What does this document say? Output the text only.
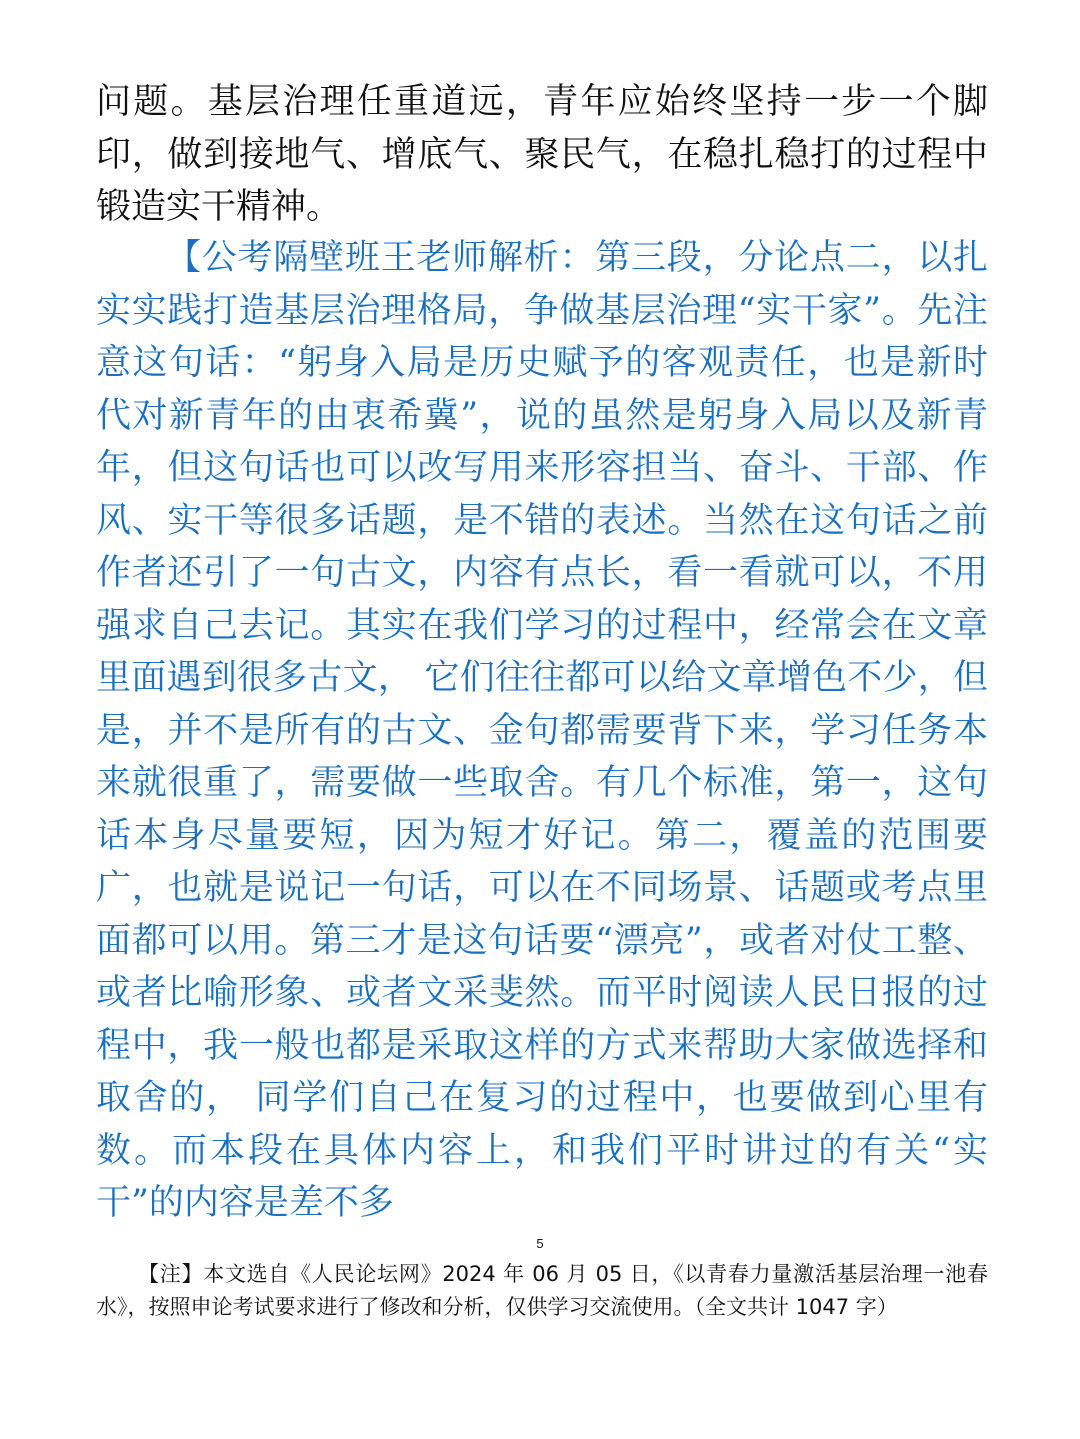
问题。基层治理任重道远，青年应始终坚持一步一个脚印，做到接地气、增底气、聚民气，在稳扎稳打的过程中锻造实干精神。

【公考隔壁班王老师解析：第三段，分论点二，以扎实实践打造基层治理格局，争做基层治理“实干家”。先注意这句话：“躬身入局是历史赋予的客观责任，也是新时代对新青年的由衷希冀”，说的虽然是躬身入局以及新青年，但这句话也可以改写用来形容担当、奋斗、干部、作风、实干等很多话题，是不错的表述。当然在这句话之前作者还引了一句古文，内容有点长，看一看就可以，不用强求自己去记。其实在我们学习的过程中，经常会在文章里面遇到很多古文， 它们往往都可以给文章增色不少，但是，并不是所有的古文、金句都需要背下来，学习任务本来就很重了，需要做一些取舍。有几个标准，第一，这句话本身尽量要短，因为短才好记。第二，覆盖的范围要广，也就是说记一句话，可以在不同场景、话题或考点里面都可以用。第三才是这句话要“漂亮”，或者对仗工整、或者比喻形象、或者文采斐然。而平时阅读人民日报的过程中，我一般也都是采取这样的方式来帮助大家做选择和取舍的， 同学们自己在复习的过程中，也要做到心里有数。而本段在具体内容上，和我们平时讲过的有关“实干”的内容是差不多

5

【注】本文选自《人民论坛网》2024 年 06 月 05 日，《以青春力量激活基层治理一池春水》，按照申论考试要求进行了修改和分析，仅供学习交流使用。（全文共计 1047 字）
